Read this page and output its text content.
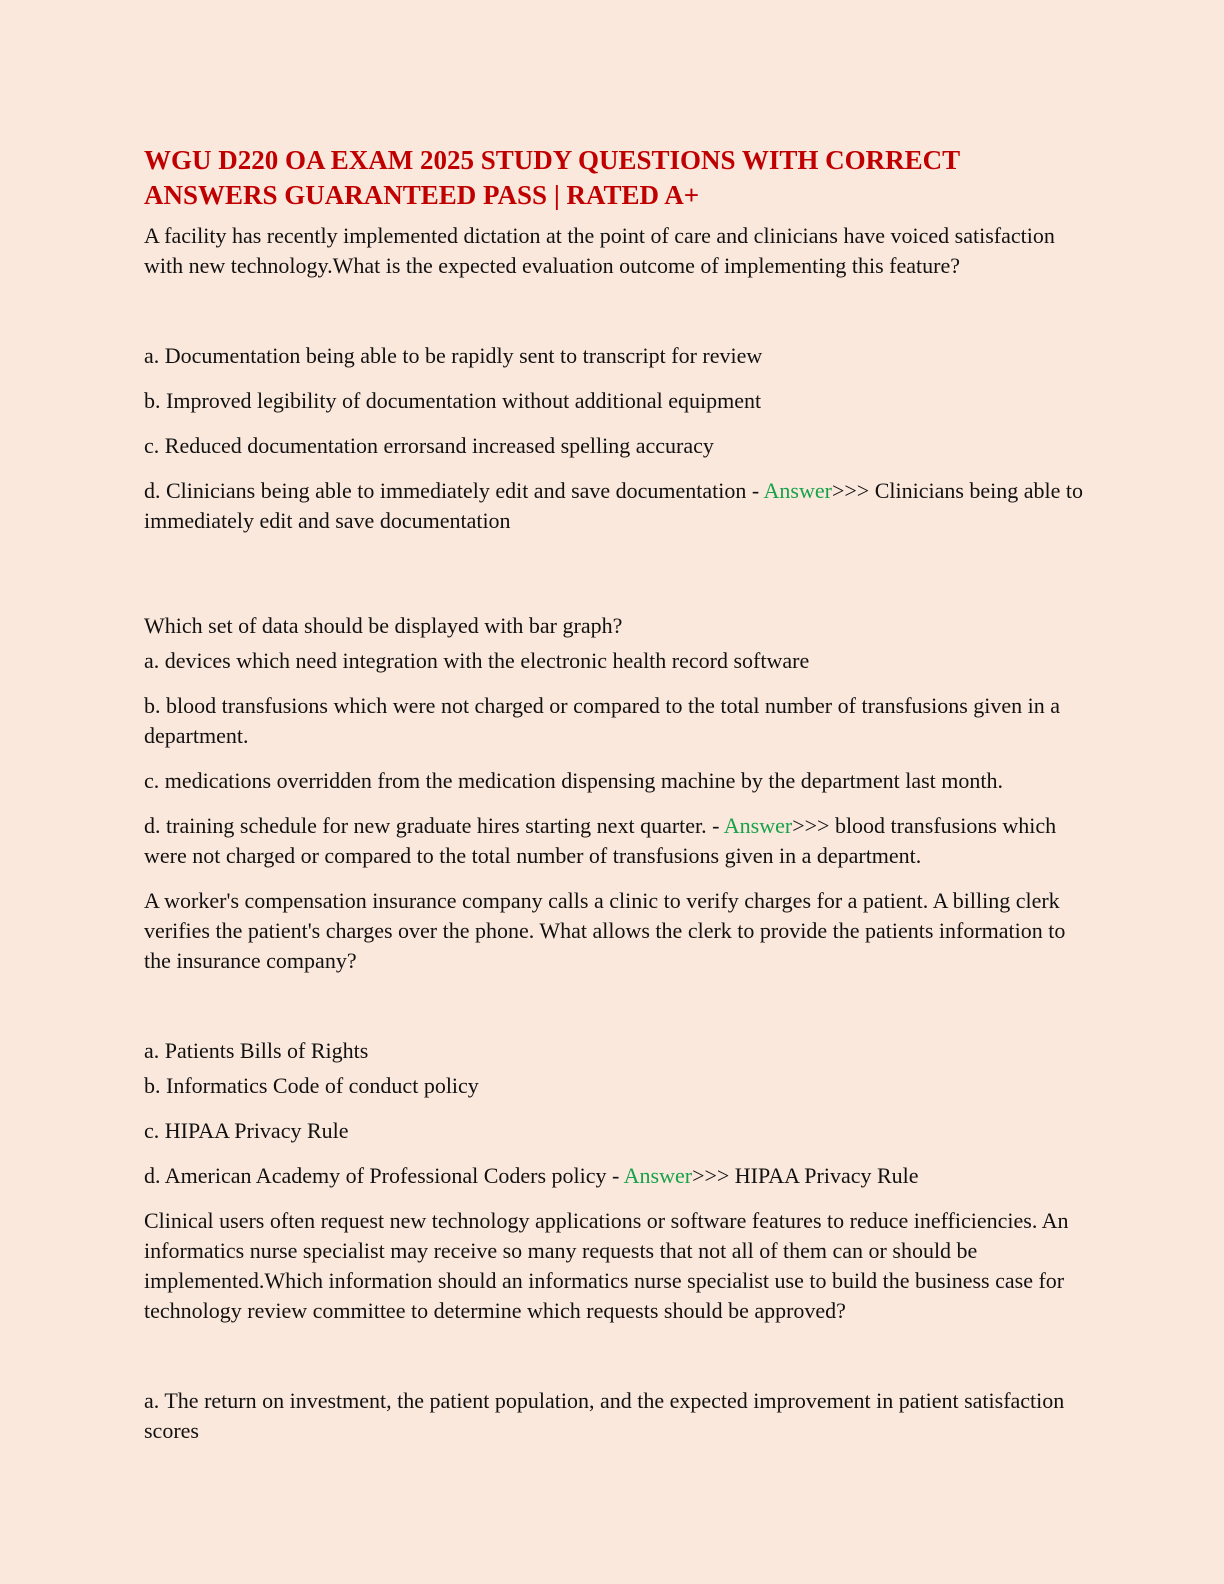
WGU D220 OA EXAM 2025 STUDY QUESTIONS WITH CORRECT ANSWERS GUARANTEED PASS | RATED A+

A facility has recently implemented dictation at the point of care and clinicians have voiced satisfaction with new technology.What is the expected evaluation outcome of implementing this feature?

a. Documentation being able to be rapidly sent to transcript for review

b. Improved legibility of documentation without additional equipment

c. Reduced documentation errorsand increased spelling accuracy

d. Clinicians being able to immediately edit and save documentation - Answer>>> Clinicians being able to immediately edit and save documentation

Which set of data should be displayed with bar graph?

a. devices which need integration with the electronic health record software

b. blood transfusions which were not charged or compared to the total number of transfusions given in a department.

c. medications overridden from the medication dispensing machine by the department last month.

d. training schedule for new graduate hires starting next quarter. - Answer>>> blood transfusions which were not charged or compared to the total number of transfusions given in a department.

A worker's compensation insurance company calls a clinic to verify charges for a patient. A billing clerk verifies the patient's charges over the phone. What allows the clerk to provide the patients information to the insurance company?

a. Patients Bills of Rights

b. Informatics Code of conduct policy

c. HIPAA Privacy Rule

d. American Academy of Professional Coders policy - Answer>>> HIPAA Privacy Rule

Clinical users often request new technology applications or software features to reduce inefficiencies. An informatics nurse specialist may receive so many requests that not all of them can or should be implemented.Which information should an informatics nurse specialist use to build the business case for technology review committee to determine which requests should be approved?

a. The return on investment, the patient population, and the expected improvement in patient satisfaction scores
